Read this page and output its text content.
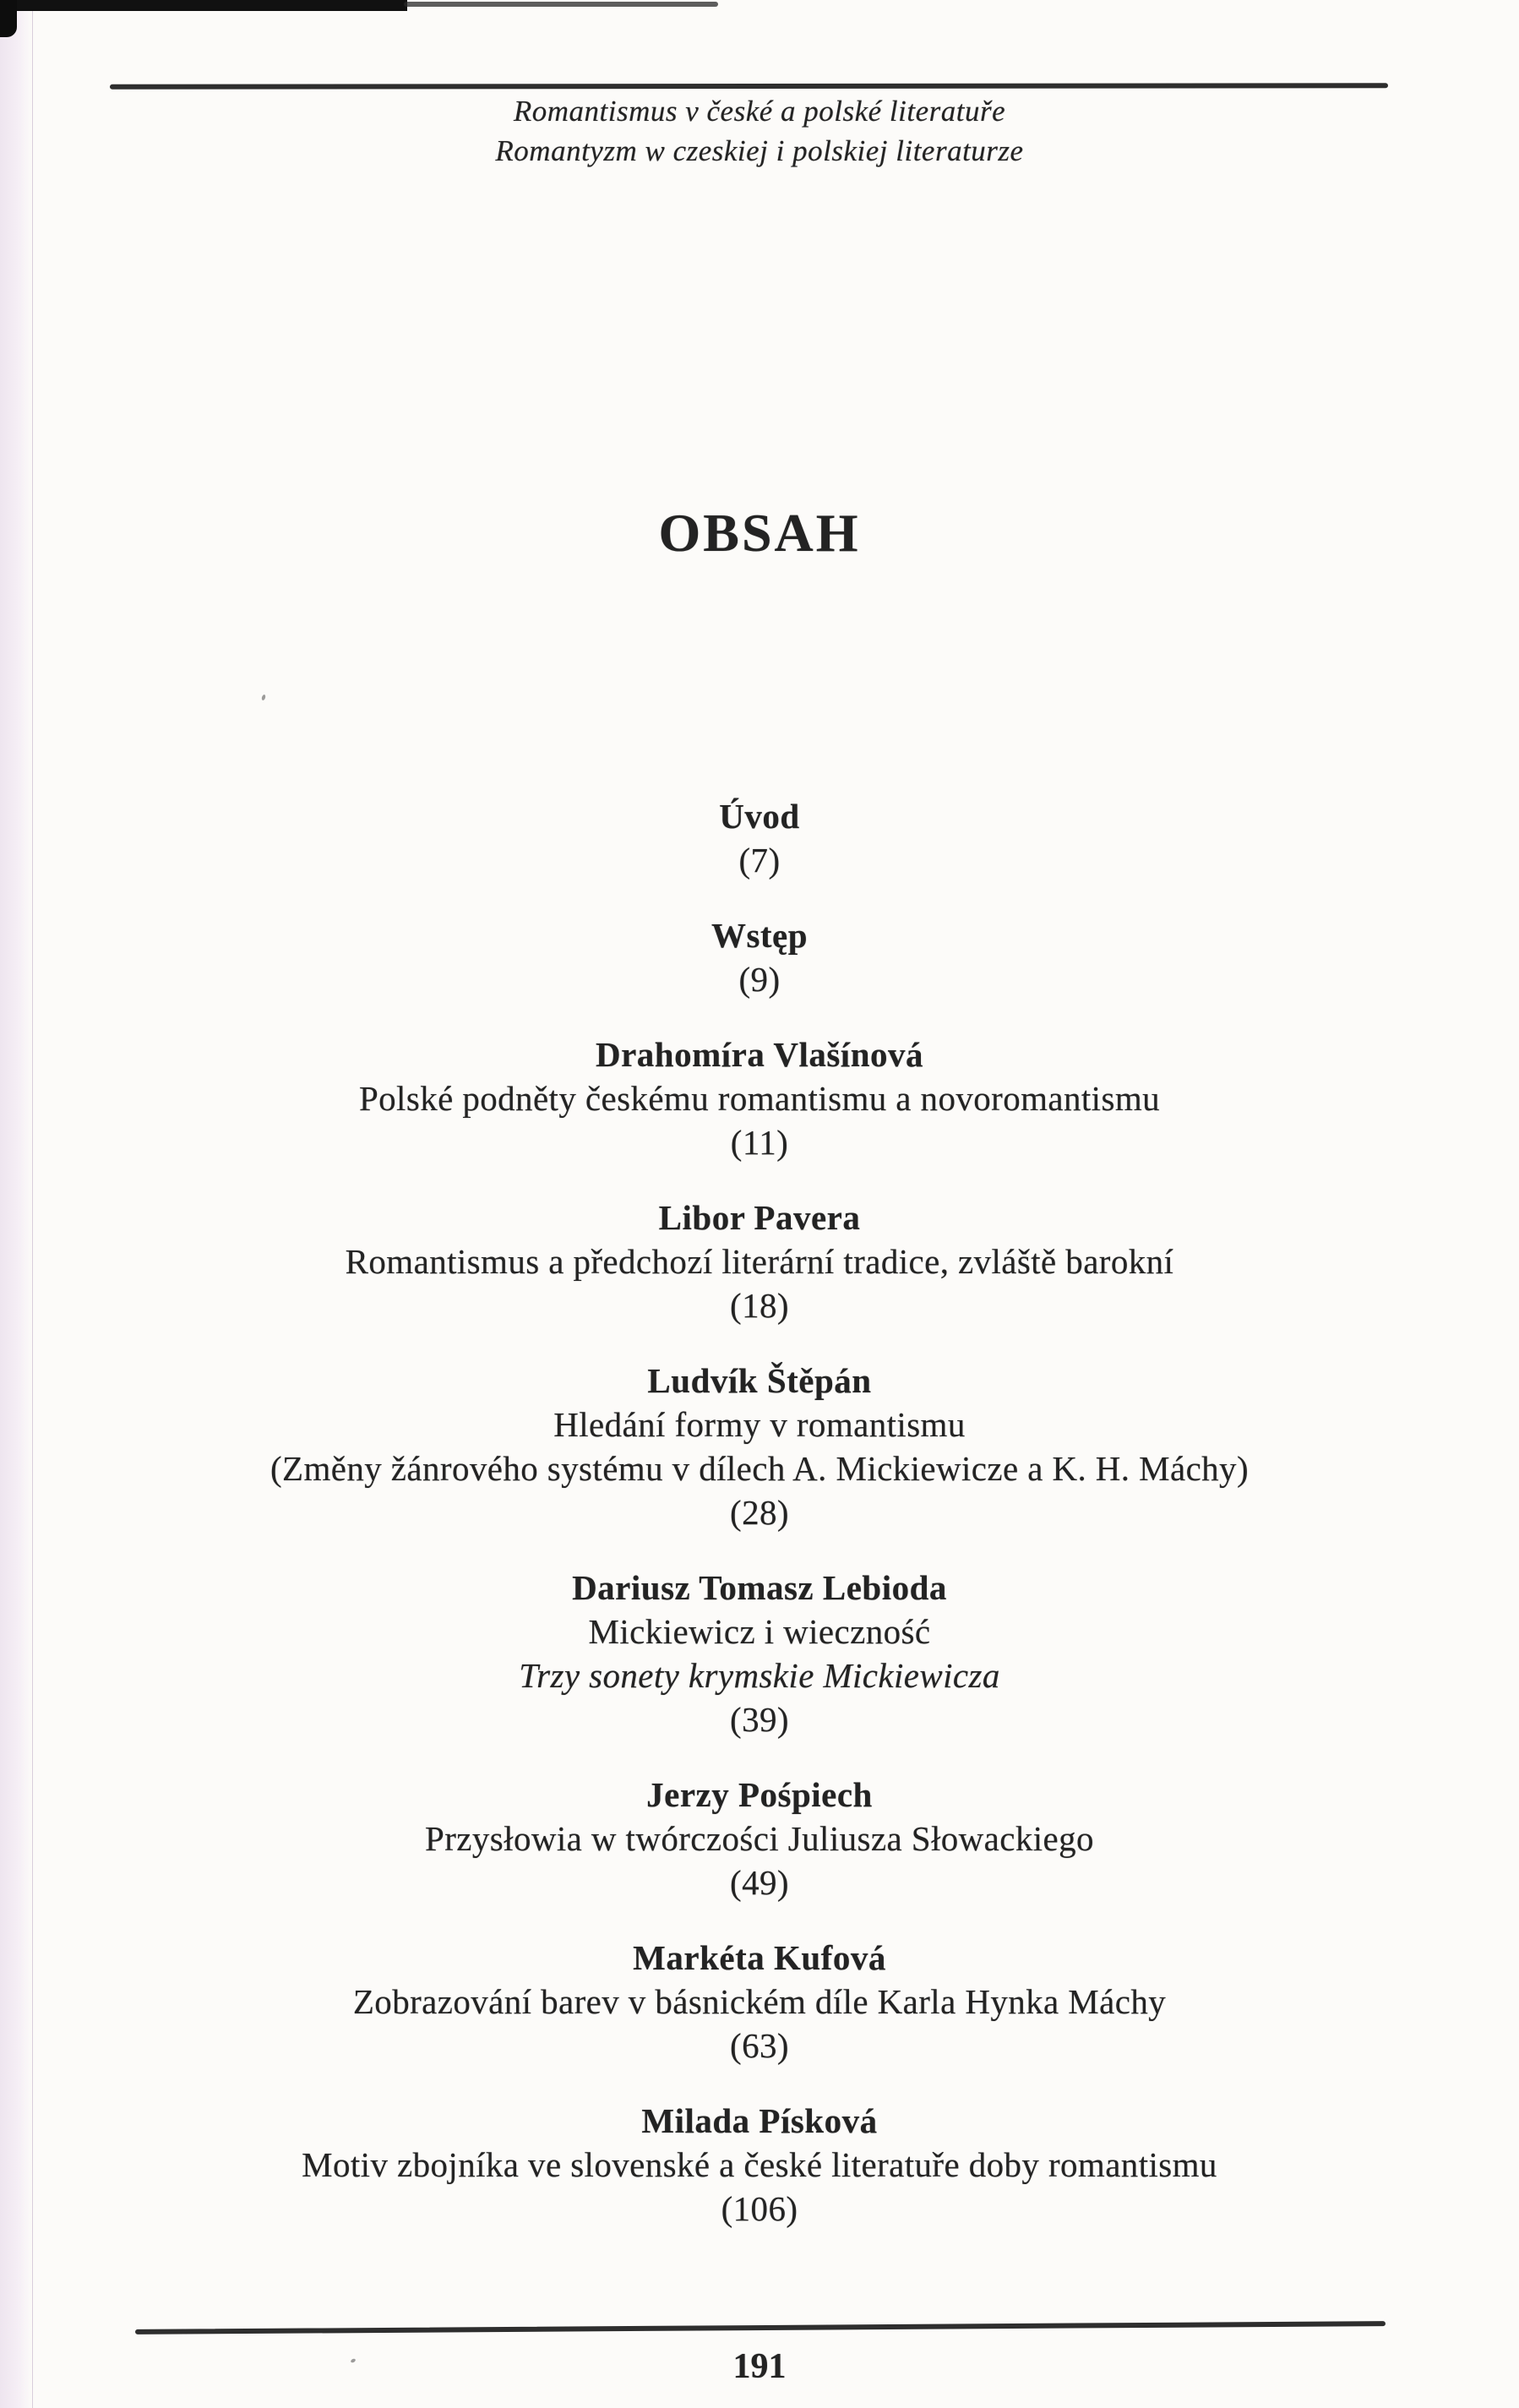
Romantismus v české a polské literatuře
Romantyzm w czeskiej i polskiej literaturze
OBSAH
Úvod
(7)
Wstęp
(9)
Drahomíra Vlašínová
Polské podněty českému romantismu a novoromantismu
(11)
Libor Pavera
Romantismus a předchozí literární tradice, zvláště barokní
(18)
Ludvík Štěpán
Hledání formy v romantismu
(Změny žánrového systému v dílech A. Mickiewicze a K. H. Máchy)
(28)
Dariusz Tomasz Lebioda
Mickiewicz i wieczność
Trzy sonety krymskie Mickiewicza
(39)
Jerzy Pośpiech
Przysłowia w twórczości Juliusza Słowackiego
(49)
Markéta Kufová
Zobrazování barev v básnickém díle Karla Hynka Máchy
(63)
Milada Písková
Motiv zbojníka ve slovenské a české literatuře doby romantismu
(106)
191
